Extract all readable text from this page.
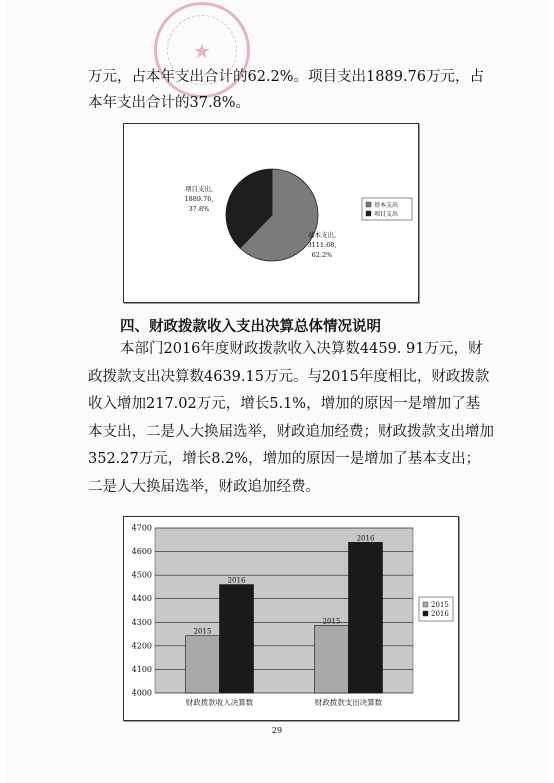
★

万元，占本年支出合计的62.2%。项目支出1889.76万元，占本年支出合计的37.8%。

基本支出,
3111.68,
62.2%
项目支出,
1889.76,
37.8%	基本支出
项目支出
四、财政拨款收入支出决算总体情况说明

本部门2016年度财政拨款收入决算数4459. 91万元，财政拨款支出决算数4639.15万元。与2015年度相比，财政拨款收入增加217.02万元，增长5.1%，增加的原因一是增加了基本支出，二是人大换届选举，财政追加经费；财政拨款支出增加352.27万元，增长8.2%，增加的原因一是增加了基本支出；二是人大换届选举，财政追加经费。

4000
4100
4200
4300
4400
4500
4600
4700
2015
2016
财政拨款收入决算数
2015
2016
财政拨款支出决算数
2015
2016
29
